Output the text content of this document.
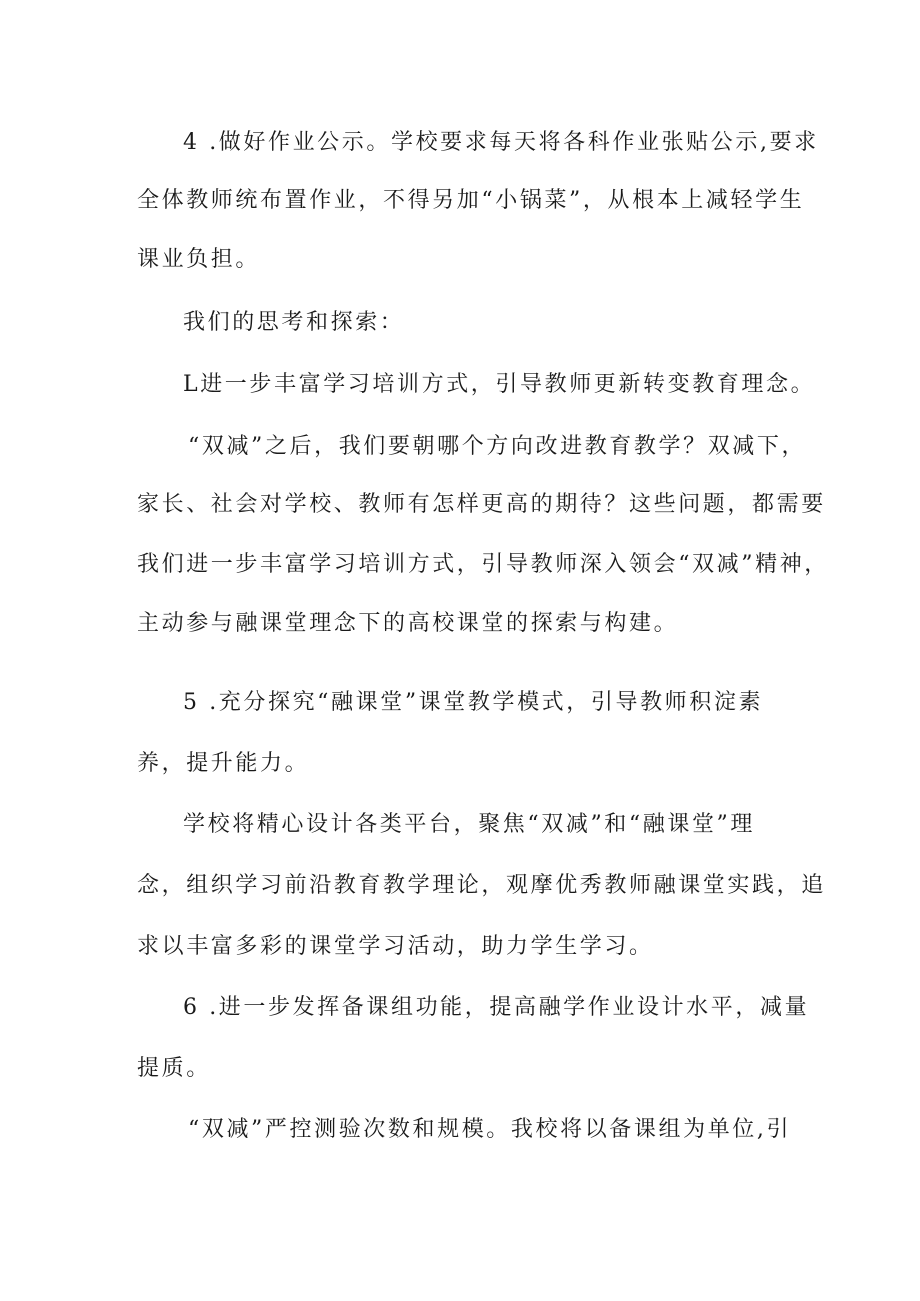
4 .做好作业公示。学校要求每天将各科作业张贴公示,要求
全体教师统布置作业，不得另加“小锅菜”，从根本上减轻学生
课业负担。
我们的思考和探索：
L进一步丰富学习培训方式，引导教师更新转变教育理念。
“双减”之后，我们要朝哪个方向改进教育教学？双减下，
家长、社会对学校、教师有怎样更高的期待？这些问题，都需要
我们进一步丰富学习培训方式，引导教师深入领会“双减”精神，
主动参与融课堂理念下的高校课堂的探索与构建。
5 .充分探究“融课堂”课堂教学模式，引导教师积淀素
养，提升能力。
学校将精心设计各类平台，聚焦“双减”和“融课堂”理
念，组织学习前沿教育教学理论，观摩优秀教师融课堂实践，追
求以丰富多彩的课堂学习活动，助力学生学习。
6 .进一步发挥备课组功能，提高融学作业设计水平，减量
提质。
“双减”严控测验次数和规模。我校将以备课组为单位,引
